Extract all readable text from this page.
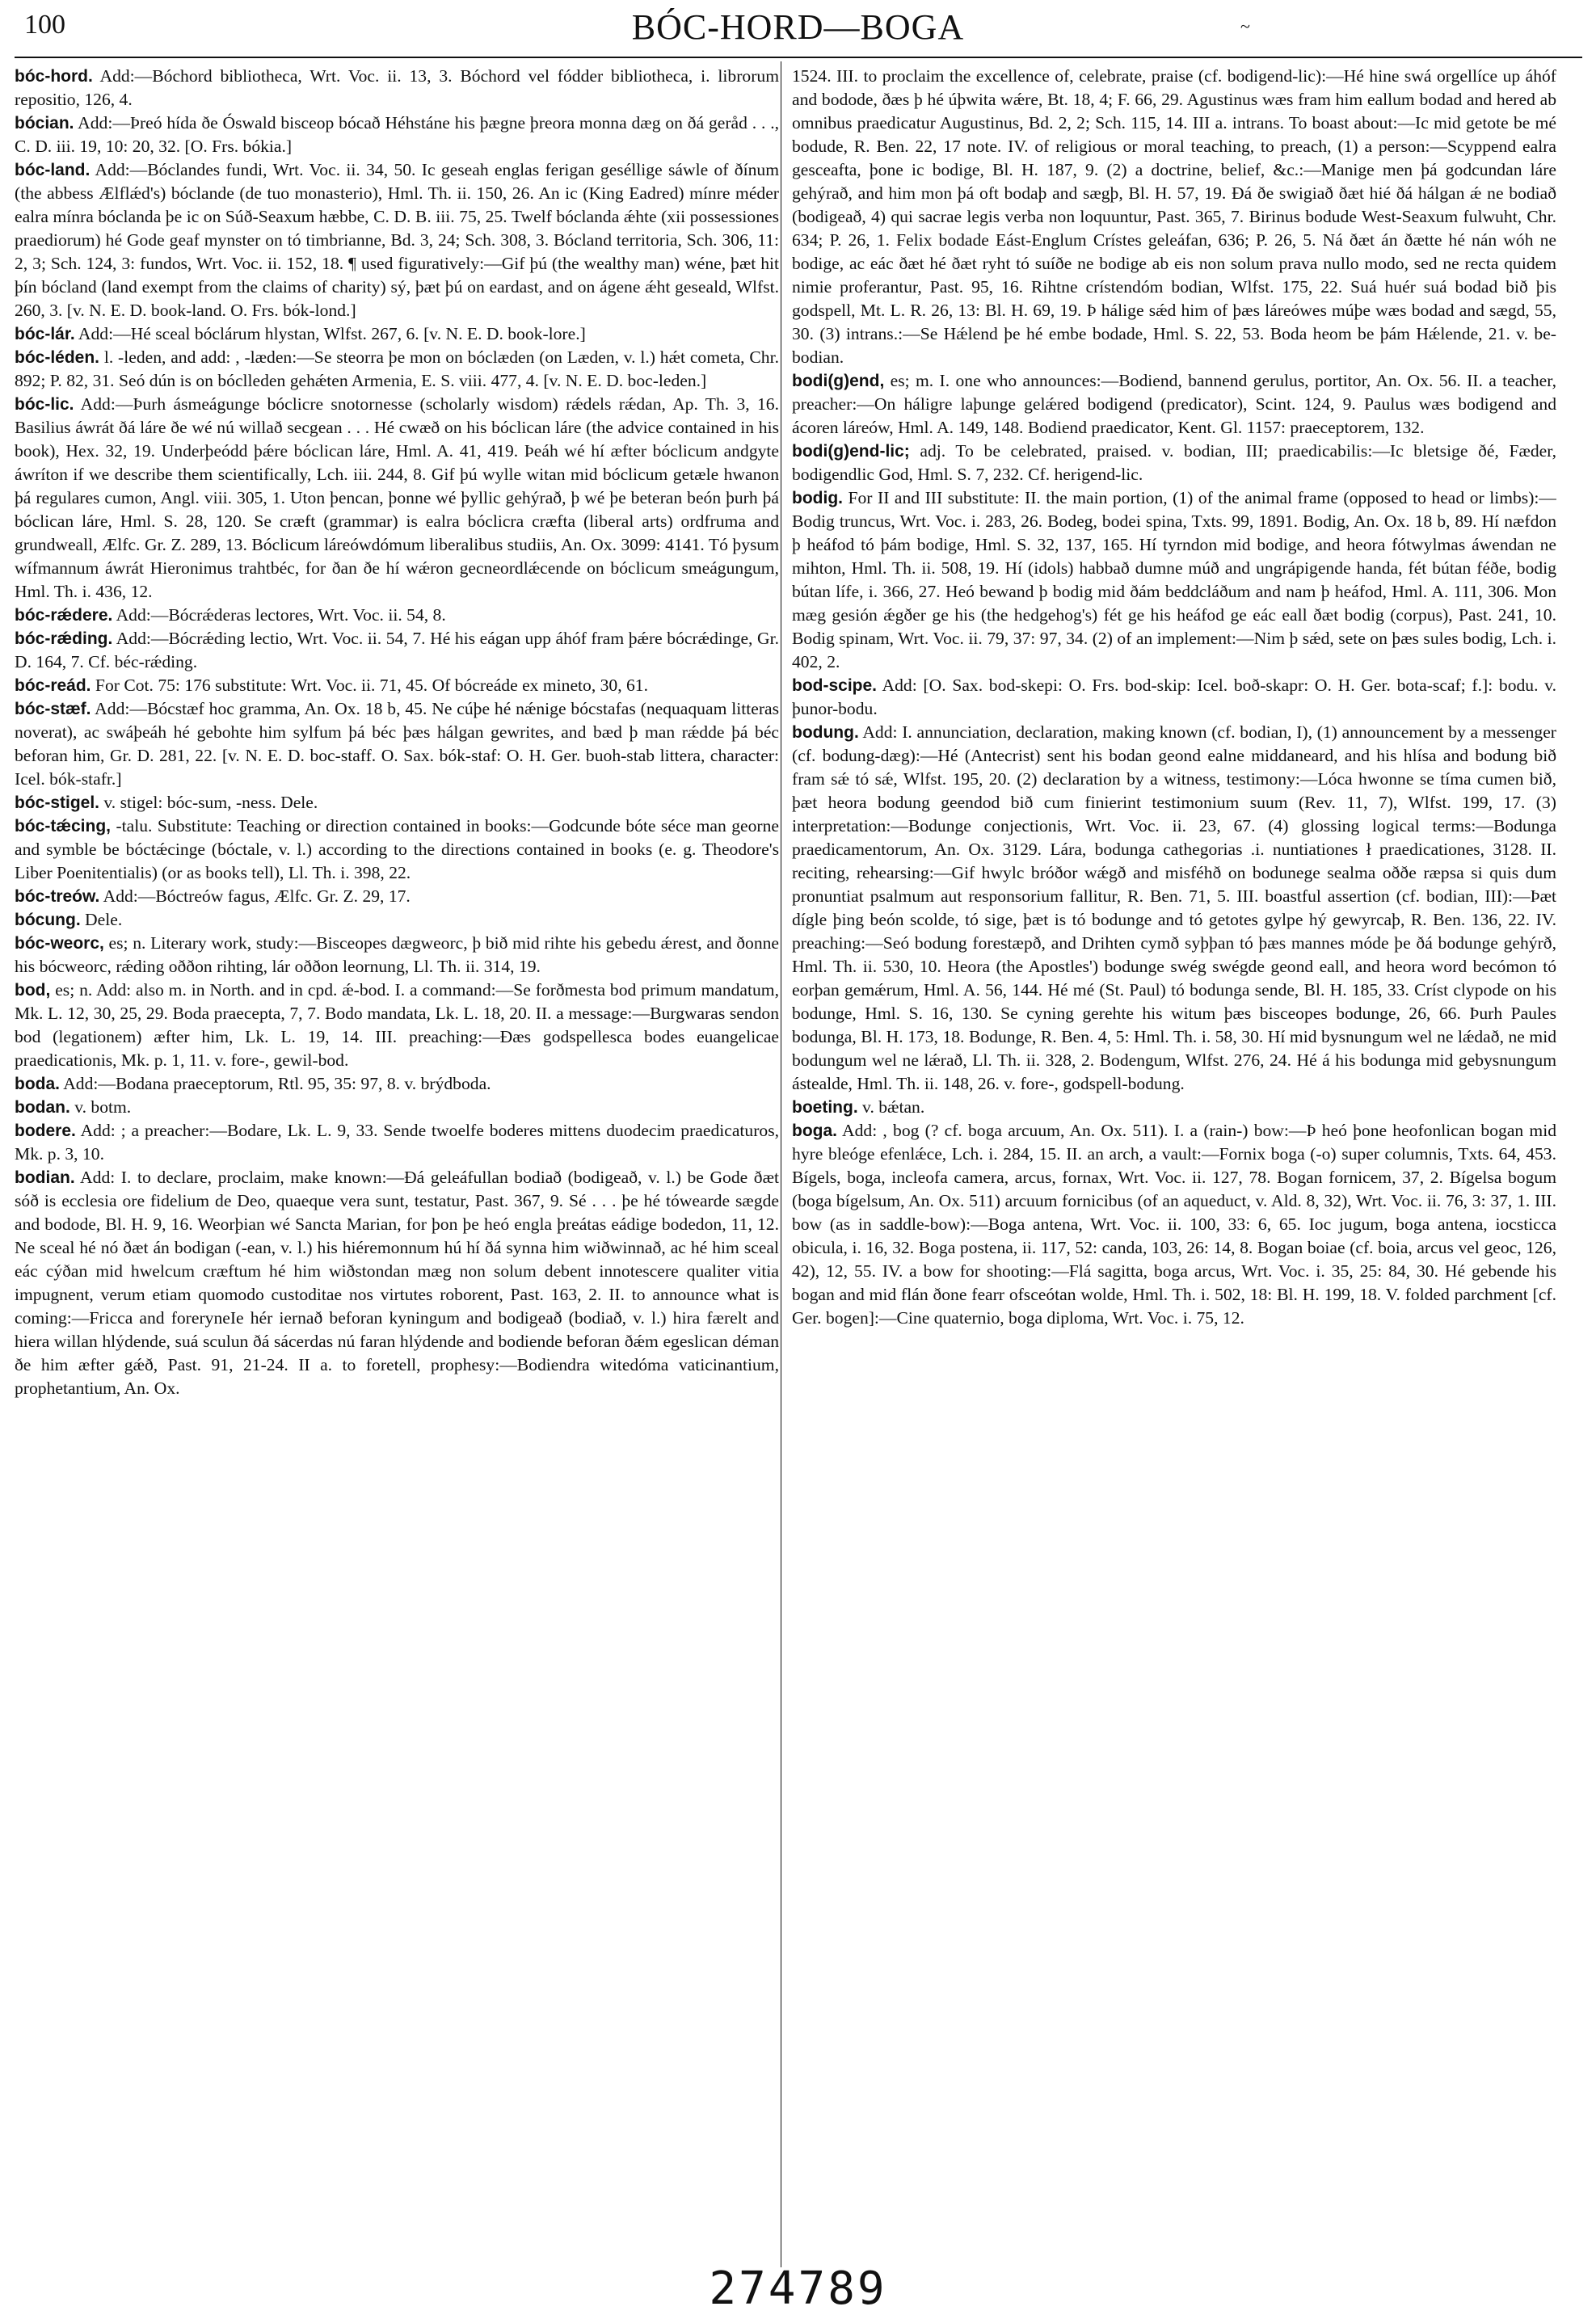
100	BÓC-HORD—BOGA	~

bóc-hord. Add:—Bóchord bibliotheca, Wrt. Voc. ii. 13, 3. Bóchord vel fódder bibliotheca, i. librorum repositio, 126, 4.

bócian. Add:—Þreó hída ðe Óswald bisceop bócað Héhstáne his þægne þreora monna dæg on ðá geråd . . ., C. D. iii. 19, 10: 20, 32. [O. Frs. bókia.]

bóc-land. Add:—Bóclandes fundi, Wrt. Voc. ii. 34, 50. Ic geseah englas ferigan geséllige sáwle of ðínum (the abbess Ælflǽd's) bóclande (de tuo monasterio), Hml. Th. ii. 150, 26. An ic (King Eadred) mínre méder ealra mínra bóclanda þe ic on Súð-Seaxum hæbbe, C. D. B. iii. 75, 25. Twelf bóclanda ǽhte (xii possessiones praediorum) hé Gode geaf mynster on tó timbrianne, Bd. 3, 24; Sch. 308, 3. Bócland territoria, Sch. 306, 11: 2, 3; Sch. 124, 3: fundos, Wrt. Voc. ii. 152, 18. ¶ used figuratively:—Gif þú (the wealthy man) wéne, þæt hit þín bócland (land exempt from the claims of charity) sý, þæt þú on eardast, and on ágene ǽht geseald, Wlfst. 260, 3. [v. N. E. D. book-land. O. Frs. bók-lond.]

bóc-lár. Add:—Hé sceal bóclárum hlystan, Wlfst. 267, 6. [v. N. E. D. book-lore.]

bóc-léden. l. -leden, and add: , -læden:—Se steorra þe mon on bóclæden (on Læden, v. l.) hǽt cometa, Chr. 892; P. 82, 31. Seó dún is on bóclleden gehǽten Armenia, E. S. viii. 477, 4. [v. N. E. D. boc-leden.]

bóc-lic. Add:—Þurh ásmeágunge bóclicre snotornesse (scholarly wisdom) rǽdels rǽdan, Ap. Th. 3, 16. Basilius áwrát ðá láre ðe wé nú willað secgean . . . Hé cwæð on his bóclican láre (the advice contained in his book), Hex. 32, 19. Underþeódd þǽre bóclican láre, Hml. A. 41, 419. Þeáh wé hí æfter bóclicum andgyte áwríton if we describe them scientifically, Lch. iii. 244, 8. Gif þú wylle witan mid bóclicum getæle hwanon þá regulares cumon, Angl. viii. 305, 1. Uton þencan, þonne wé þyllic gehýrað, þ wé þe beteran beón þurh þá bóclican láre, Hml. S. 28, 120. Se cræft (grammar) is ealra bóclicra cræfta (liberal arts) ordfruma and grundweall, Ælfc. Gr. Z. 289, 13. Bóclicum láreówdómum liberalibus studiis, An. Ox. 3099: 4141. Tó þysum wífmannum áwrát Hieronimus trahtbéc, for ðan ðe hí wǽron gecneordlǽcende on bóclicum smeágungum, Hml. Th. i. 436, 12.

bóc-rǽdere. Add:—Bócrǽderas lectores, Wrt. Voc. ii. 54, 8.

bóc-rǽding. Add:—Bócrǽding lectio, Wrt. Voc. ii. 54, 7. Hé his eágan upp áhóf fram þǽre bócrǽdinge, Gr. D. 164, 7. Cf. béc-rǽding.

bóc-reád. For Cot. 75: 176 substitute: Wrt. Voc. ii. 71, 45. Of bócreáde ex mineto, 30, 61.

bóc-stæf. Add:—Bócstæf hoc gramma, An. Ox. 18 b, 45. Ne cúþe hé nǽnige bócstafas (nequaquam litteras noverat), ac swáþeáh hé gebohte him sylfum þá béc þæs hálgan gewrites, and bæd þ man rǽdde þá béc beforan him, Gr. D. 281, 22. [v. N. E. D. boc-staff. O. Sax. bók-staf: O. H. Ger. buoh-stab littera, character: Icel. bók-stafr.]

bóc-stigel. v. stigel: bóc-sum, -ness. Dele.

bóc-tǽcing, -talu. Substitute: Teaching or direction contained in books:—Godcunde bóte séce man georne and symble be bóctǽcinge (bóctale, v. l.) according to the directions contained in books (e. g. Theodore's Liber Poenitentialis) (or as books tell), Ll. Th. i. 398, 22.

bóc-treów. Add:—Bóctreów fagus, Ælfc. Gr. Z. 29, 17.

bócung. Dele.

bóc-weorc, es; n. Literary work, study:—Bisceopes dægweorc, þ bið mid rihte his gebedu ǽrest, and ðonne his bócweorc, rǽding oððon rihting, lár oððon leornung, Ll. Th. ii. 314, 19.

bod, es; n. Add: also m. in North. and in cpd. ǽ-bod. I. a command:—Se forðmesta bod primum mandatum, Mk. L. 12, 30, 25, 29. Boda praecepta, 7, 7. Bodo mandata, Lk. L. 18, 20. II. a message:—Burgwaras sendon bod (legationem) æfter him, Lk. L. 19, 14. III. preaching:—Ðæs godspellesca bodes euangelicae praedicationis, Mk. p. 1, 11. v. fore-, gewil-bod.

boda. Add:—Bodana praeceptorum, Rtl. 95, 35: 97, 8. v. brýdboda.

bodan. v. botm.

bodere. Add: ; a preacher:—Bodare, Lk. L. 9, 33. Sende twoelfe boderes mittens duodecim praedicaturos, Mk. p. 3, 10.

bodian. Add: I. to declare, proclaim, make known:—Ðá geleáfullan bodiað (bodigeað, v. l.) be Gode ðæt sóð is ecclesia ore fidelium de Deo, quaeque vera sunt, testatur, Past. 367, 9. Sé . . . þe hé tówearde sægde and bodode, Bl. H. 9, 16. Weorþian wé Sancta Marian, for þon þe heó engla þreátas eádige bodedon, 11, 12. Ne sceal hé nó ðæt án bodigan (-ean, v. l.) his hiéremonnum hú hí ðá synna him wiðwinnað, ac hé him sceal eác cýðan mid hwelcum cræftum hé him wiðstondan mæg non solum debent innotescere qualiter vitia impugnent, verum etiam quomodo custoditae nos virtutes roborent, Past. 163, 2. II. to announce what is coming:—Fricca and foreryneIe hér iernað beforan kyningum and bodigeað (bodiað, v. l.) hira færelt and hiera willan hlýdende, suá sculun ðá sácerdas nú faran hlýdende and bodiende beforan ðǽm egeslican déman ðe him æfter gǽð, Past. 91, 21-24. II a. to foretell, prophesy:—Bodiendra witedóma vaticinantium, prophetantium, An. Ox.

1524. III. to proclaim the excellence of, celebrate, praise (cf. bodigend-lic):—Hé hine swá orgellíce up áhóf and bodode, ðæs þ hé úþwita wǽre, Bt. 18, 4; F. 66, 29. Agustinus wæs fram him eallum bodad and hered ab omnibus praedicatur Augustinus, Bd. 2, 2; Sch. 115, 14. III a. intrans. To boast about:—Ic mid getote be mé bodude, R. Ben. 22, 17 note. IV. of religious or moral teaching, to preach, (1) a person:—Scyppend ealra gesceafta, þone ic bodige, Bl. H. 187, 9. (2) a doctrine, belief, &c.:—Manige men þá godcundan láre gehýrað, and him mon þá oft bodaþ and sægþ, Bl. H. 57, 19. Ðá ðe swigiað ðæt hié ðá hálgan ǽ ne bodiað (bodigeað, 4) qui sacrae legis verba non loquuntur, Past. 365, 7. Birinus bodude West-Seaxum fulwuht, Chr. 634; P. 26, 1. Felix bodade Eást-Englum Crístes geleáfan, 636; P. 26, 5. Ná ðæt án ðætte hé nán wóh ne bodige, ac eác ðæt hé ðæt ryht tó suíðe ne bodige ab eis non solum prava nullo modo, sed ne recta quidem nimie proferantur, Past. 95, 16. Rihtne crístendóm bodian, Wlfst. 175, 22. Suá huér suá bodad bið þis godspell, Mt. L. R. 26, 13: Bl. H. 69, 19. Þ hálige sǽd him of þæs láreówes múþe wæs bodad and sægd, 55, 30. (3) intrans.:—Se Hǽlend þe hé embe bodade, Hml. S. 22, 53. Boda heom be þám Hǽlende, 21. v. be-bodian.

bodi(g)end, es; m. I. one who announces:—Bodiend, bannend gerulus, portitor, An. Ox. 56. II. a teacher, preacher:—On háligre laþunge gelǽred bodigend (predicator), Scint. 124, 9. Paulus wæs bodigend and ácoren láreów, Hml. A. 149, 148. Bodiend praedicator, Kent. Gl. 1157: praeceptorem, 132.

bodi(g)end-lic; adj. To be celebrated, praised. v. bodian, III; praedicabilis:—Ic bletsige ðé, Fæder, bodigendlic God, Hml. S. 7, 232. Cf. herigend-lic.

bodig. For II and III substitute: II. the main portion, (1) of the animal frame (opposed to head or limbs):—Bodig truncus, Wrt. Voc. i. 283, 26. Bodeg, bodei spina, Txts. 99, 1891. Bodig, An. Ox. 18 b, 89. Hí næfdon þ heáfod tó þám bodige, Hml. S. 32, 137, 165. Hí tyrndon mid bodige, and heora fótwylmas áwendan ne mihton, Hml. Th. ii. 508, 19. Hí (idols) habbað dumne múð and ungrápigende handa, fét bútan féðe, bodig bútan lífe, i. 366, 27. Heó bewand þ bodig mid ðám beddcláðum and nam þ heáfod, Hml. A. 111, 306. Mon mæg gesión ǽgðer ge his (the hedgehog's) fét ge his heáfod ge eác eall ðæt bodig (corpus), Past. 241, 10. Bodig spinam, Wrt. Voc. ii. 79, 37: 97, 34. (2) of an implement:—Nim þ sǽd, sete on þæs sules bodig, Lch. i. 402, 2.

bod-scipe. Add: [O. Sax. bod-skepi: O. Frs. bod-skip: Icel. boð-skapr: O. H. Ger. bota-scaf; f.]: bodu. v. þunor-bodu.

bodung. Add: I. annunciation, declaration, making known (cf. bodian, I), (1) announcement by a messenger (cf. bodung-dæg):—Hé (Antecrist) sent his bodan geond ealne middaneard, and his hlísa and bodung bið fram sǽ tó sǽ, Wlfst. 195, 20. (2) declaration by a witness, testimony:—Lóca hwonne se tíma cumen bið, þæt heora bodung geendod bið cum finierint testimonium suum (Rev. 11, 7), Wlfst. 199, 17. (3) interpretation:—Bodunge conjectionis, Wrt. Voc. ii. 23, 67. (4) glossing logical terms:—Bodunga praedicamentorum, An. Ox. 3129. Lára, bodunga cathegorias .i. nuntiationes ł praedicationes, 3128. II. reciting, rehearsing:—Gif hwylc bróðor wǽgð and misféhð on bodunege sealma oððe ræpsa si quis dum pronuntiat psalmum aut responsorium fallitur, R. Ben. 71, 5. III. boastful assertion (cf. bodian, III):—Þæt dígle þing beón scolde, tó sige, þæt is tó bodunge and tó getotes gylpe hý gewyrcaþ, R. Ben. 136, 22. IV. preaching:—Seó bodung forestæpð, and Drihten cymð syþþan tó þæs mannes móde þe ðá bodunge gehýrð, Hml. Th. ii. 530, 10. Heora (the Apostles') bodunge swég swégde geond eall, and heora word becómon tó eorþan gemǽrum, Hml. A. 56, 144. Hé mé (St. Paul) tó bodunga sende, Bl. H. 185, 33. Críst clypode on his bodunge, Hml. S. 16, 130. Se cyning gerehte his witum þæs bisceopes bodunge, 26, 66. Þurh Paules bodunga, Bl. H. 173, 18. Bodunge, R. Ben. 4, 5: Hml. Th. i. 58, 30. Hí mid bysnungum wel ne lǽdað, ne mid bodungum wel ne lǽrað, Ll. Th. ii. 328, 2. Bodengum, Wlfst. 276, 24. Hé á his bodunga mid gebysnungum ástealde, Hml. Th. ii. 148, 26. v. fore-, godspell-bodung.

boeting. v. bǽtan.

boga. Add: , bog (? cf. boga arcuum, An. Ox. 511). I. a (rain-) bow:—Þ heó þone heofonlican bogan mid hyre bleóge efenlǽce, Lch. i. 284, 15. II. an arch, a vault:—Fornix boga (-o) super columnis, Txts. 64, 453. Bígels, boga, incleofa camera, arcus, fornax, Wrt. Voc. ii. 127, 78. Bogan fornicem, 37, 2. Bígelsa bogum (boga bígelsum, An. Ox. 511) arcuum fornicibus (of an aqueduct, v. Ald. 8, 32), Wrt. Voc. ii. 76, 3: 37, 1. III. bow (as in saddle-bow):—Boga antena, Wrt. Voc. ii. 100, 33: 6, 65. Ioc jugum, boga antena, iocsticca obicula, i. 16, 32. Boga postena, ii. 117, 52: canda, 103, 26: 14, 8. Bogan boiae (cf. boia, arcus vel geoc, 126, 42), 12, 55. IV. a bow for shooting:—Flá sagitta, boga arcus, Wrt. Voc. i. 35, 25: 84, 30. Hé gebende his bogan and mid flán ðone fearr ofsceótan wolde, Hml. Th. i. 502, 18: Bl. H. 199, 18. V. folded parchment [cf. Ger. bogen]:—Cine quaternio, boga diploma, Wrt. Voc. i. 75, 12.

274789
